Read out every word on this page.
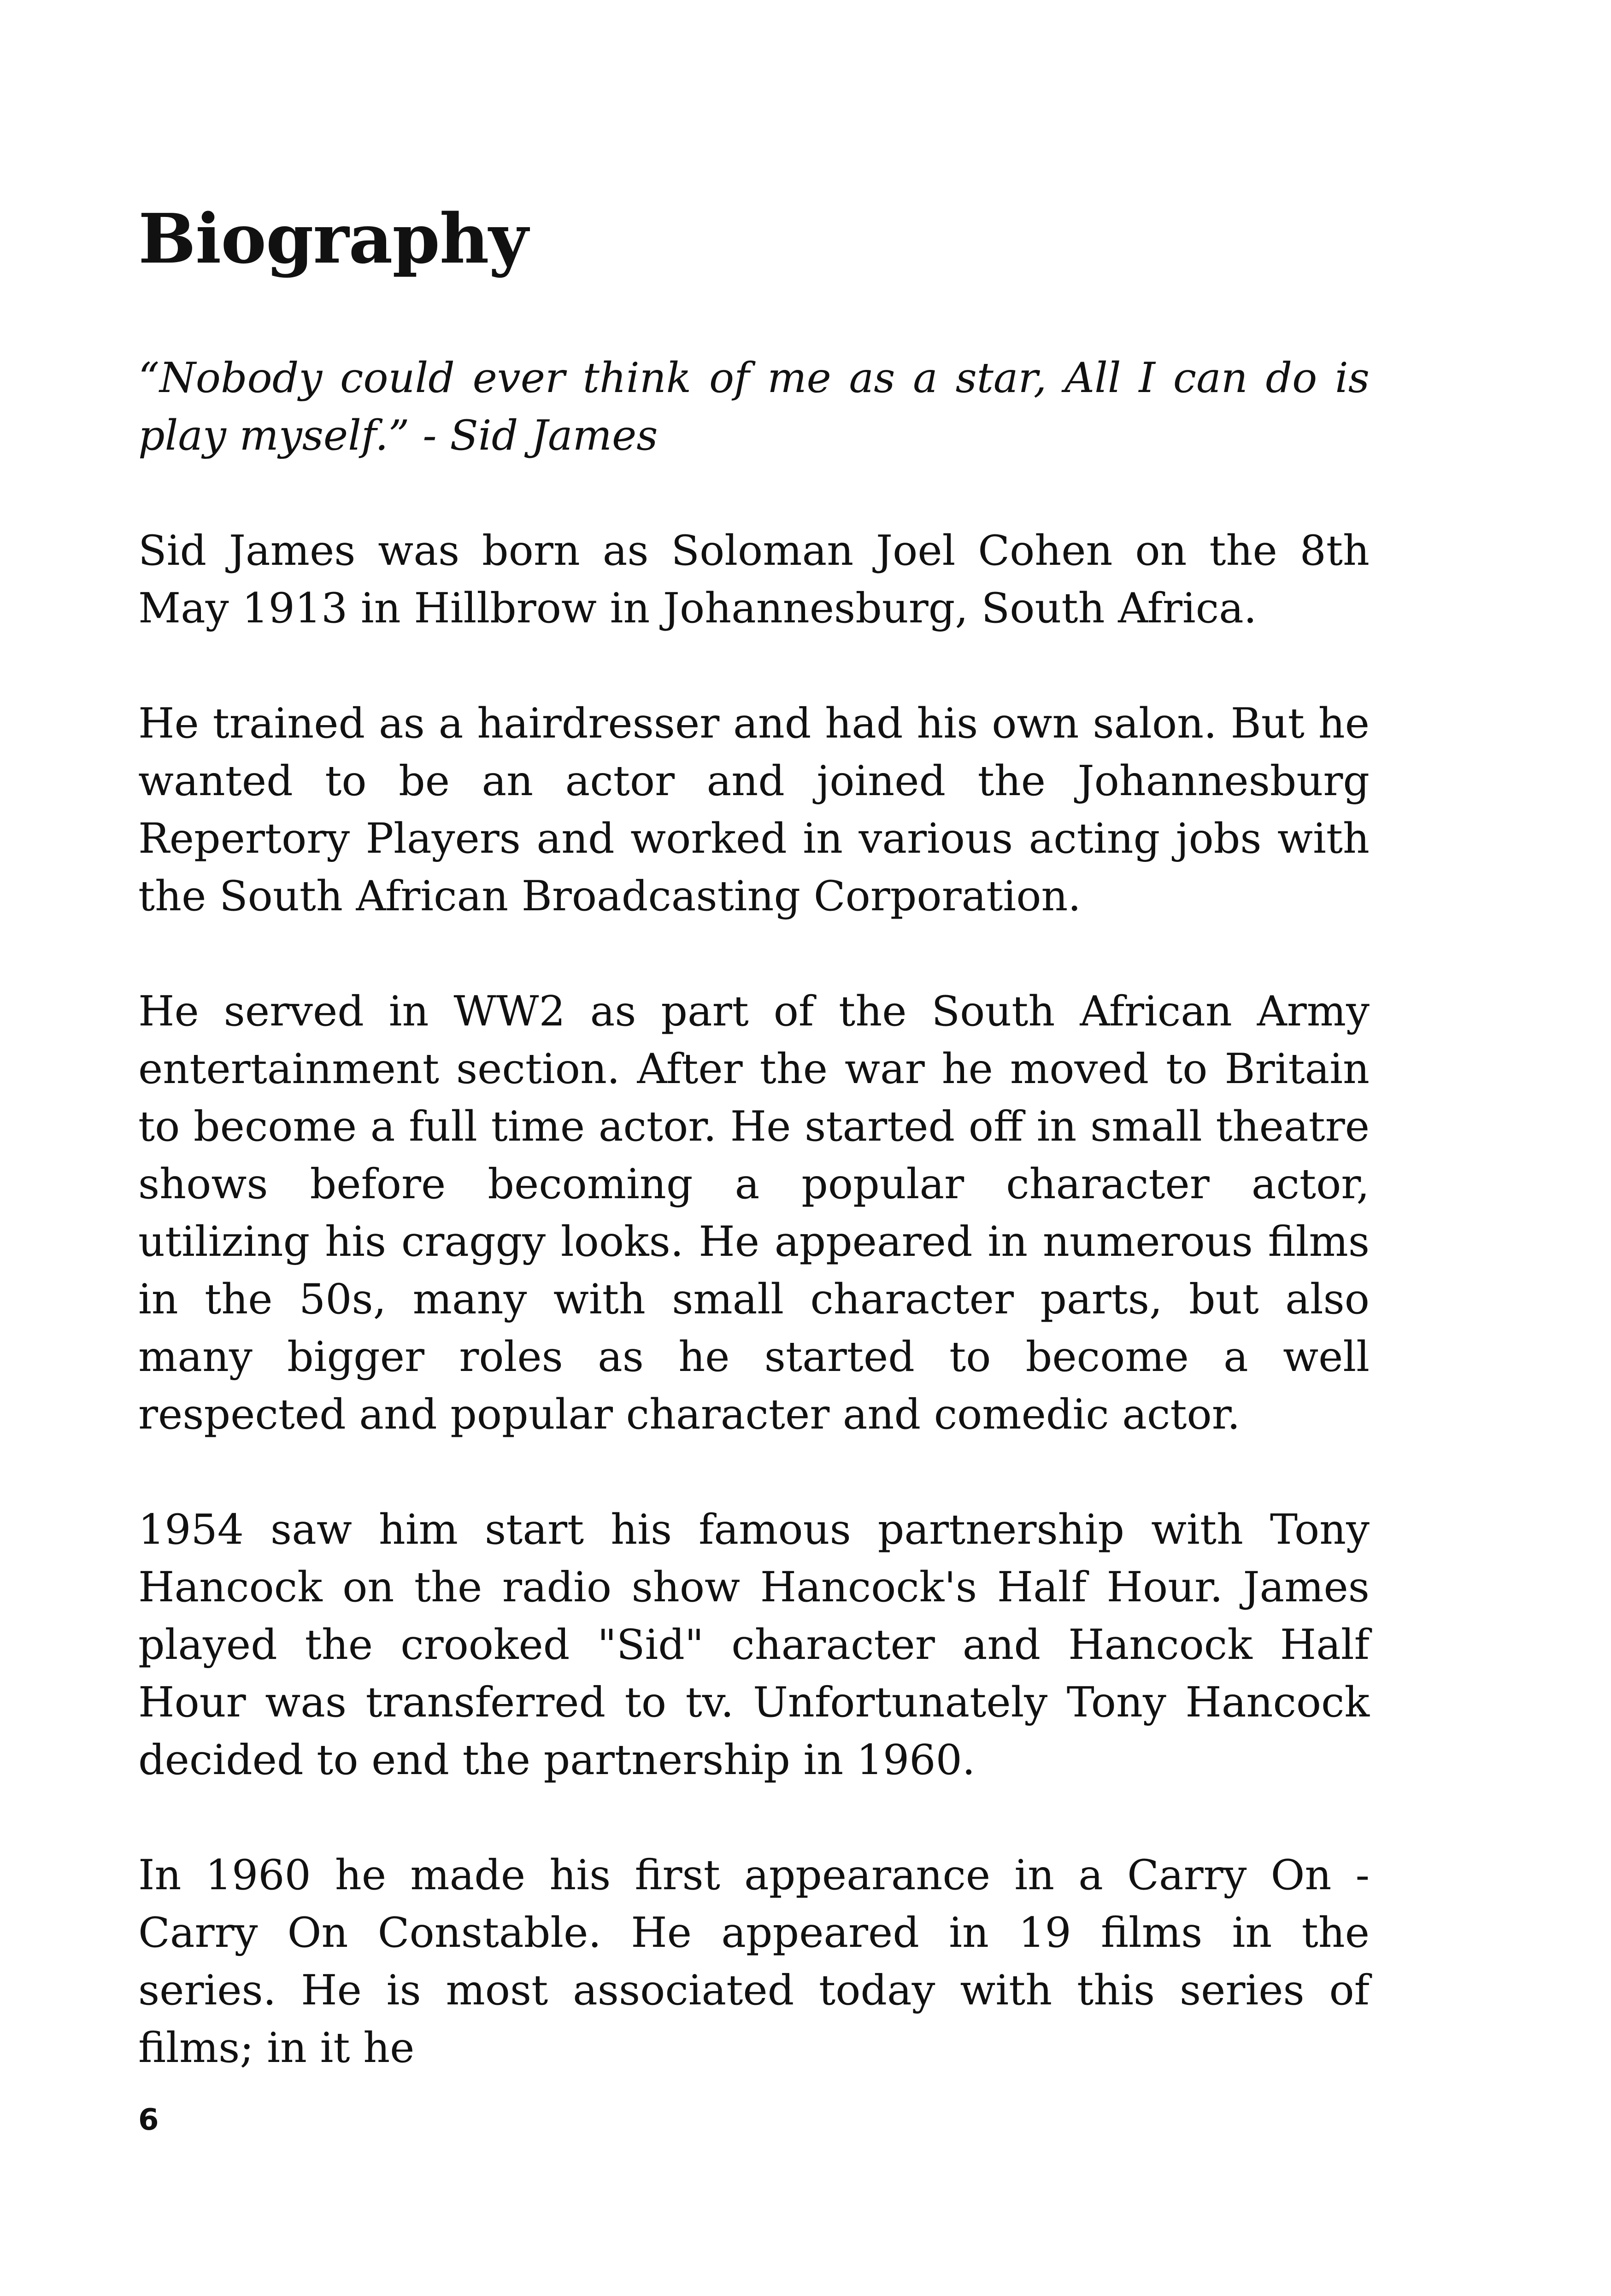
Biography

“Nobody could ever think of me as a star, All I can do is play myself.” - Sid James

Sid James was born as Soloman Joel Cohen on the 8th May 1913 in Hillbrow in Johannesburg, South Africa.

He trained as a hairdresser and had his own salon. But he wanted to be an actor and joined the Johannesburg Repertory Players and worked in various acting jobs with the South African Broadcasting Corporation.

He served in WW2 as part of the South African Army entertainment section. After the war he moved to Britain to become a full time actor. He started off in small theatre shows before becoming a popular character actor, utilizing his craggy looks. He appeared in numerous films in the 50s, many with small character parts, but also many bigger roles as he started to become a well respected and popular character and comedic actor.

1954 saw him start his famous partnership with Tony Hancock on the radio show Hancock's Half Hour. James played the crooked "Sid" character and Hancock Half Hour was transferred to tv. Unfortunately Tony Hancock decided to end the partnership in 1960.

In 1960 he made his first appearance in a Carry On - Carry On Constable. He appeared in 19 films in the series. He is most associated today with this series of films; in it he

6
